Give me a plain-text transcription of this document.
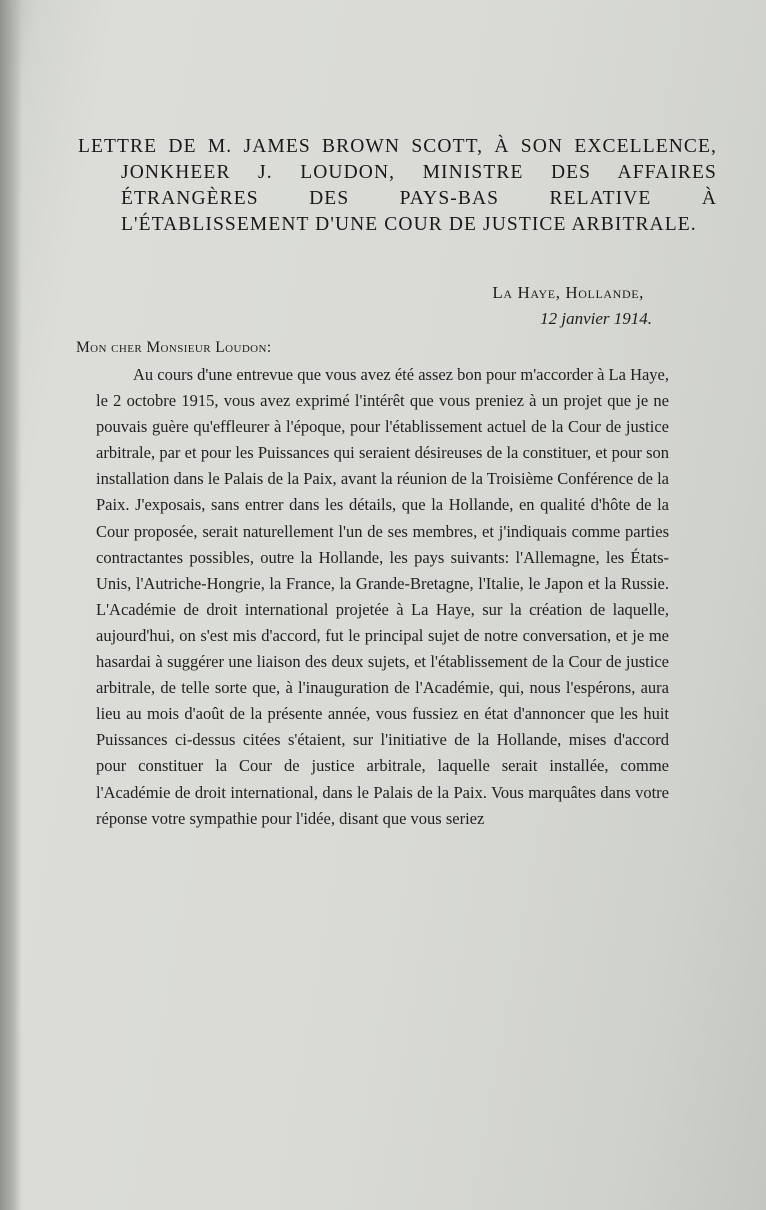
LETTRE DE M. JAMES BROWN SCOTT, À SON EXCELLENCE, JONKHEER J. LOUDON, MINISTRE DES AFFAIRES ÉTRANGÈRES DES PAYS-BAS RELATIVE À L'ÉTABLISSEMENT D'UNE COUR DE JUSTICE ARBITRALE.
La Haye, Hollande,
12 janvier 1914.
Mon cher Monsieur Loudon:

Au cours d'une entrevue que vous avez été assez bon pour m'accorder à La Haye, le 2 octobre 1915, vous avez exprimé l'intérêt que vous preniez à un projet que je ne pouvais guère qu'effleurer à l'époque, pour l'établissement actuel de la Cour de justice arbitrale, par et pour les Puissances qui seraient désireuses de la constituer, et pour son installation dans le Palais de la Paix, avant la réunion de la Troisième Conférence de la Paix. J'exposais, sans entrer dans les détails, que la Hollande, en qualité d'hôte de la Cour proposée, serait naturellement l'un de ses membres, et j'indiquais comme parties contractantes possibles, outre la Hollande, les pays suivants: l'Allemagne, les États-Unis, l'Autriche-Hongrie, la France, la Grande-Bretagne, l'Italie, le Japon et la Russie. L'Académie de droit international projetée à La Haye, sur la création de laquelle, aujourd'hui, on s'est mis d'accord, fut le principal sujet de notre conversation, et je me hasardai à suggérer une liaison des deux sujets, et l'établissement de la Cour de justice arbitrale, de telle sorte que, à l'inauguration de l'Académie, qui, nous l'espérons, aura lieu au mois d'août de la présente année, vous fussiez en état d'annoncer que les huit Puissances ci-dessus citées s'étaient, sur l'initiative de la Hollande, mises d'accord pour constituer la Cour de justice arbitrale, laquelle serait installée, comme l'Académie de droit international, dans le Palais de la Paix. Vous marquâtes dans votre réponse votre sympathie pour l'idée, disant que vous seriez
